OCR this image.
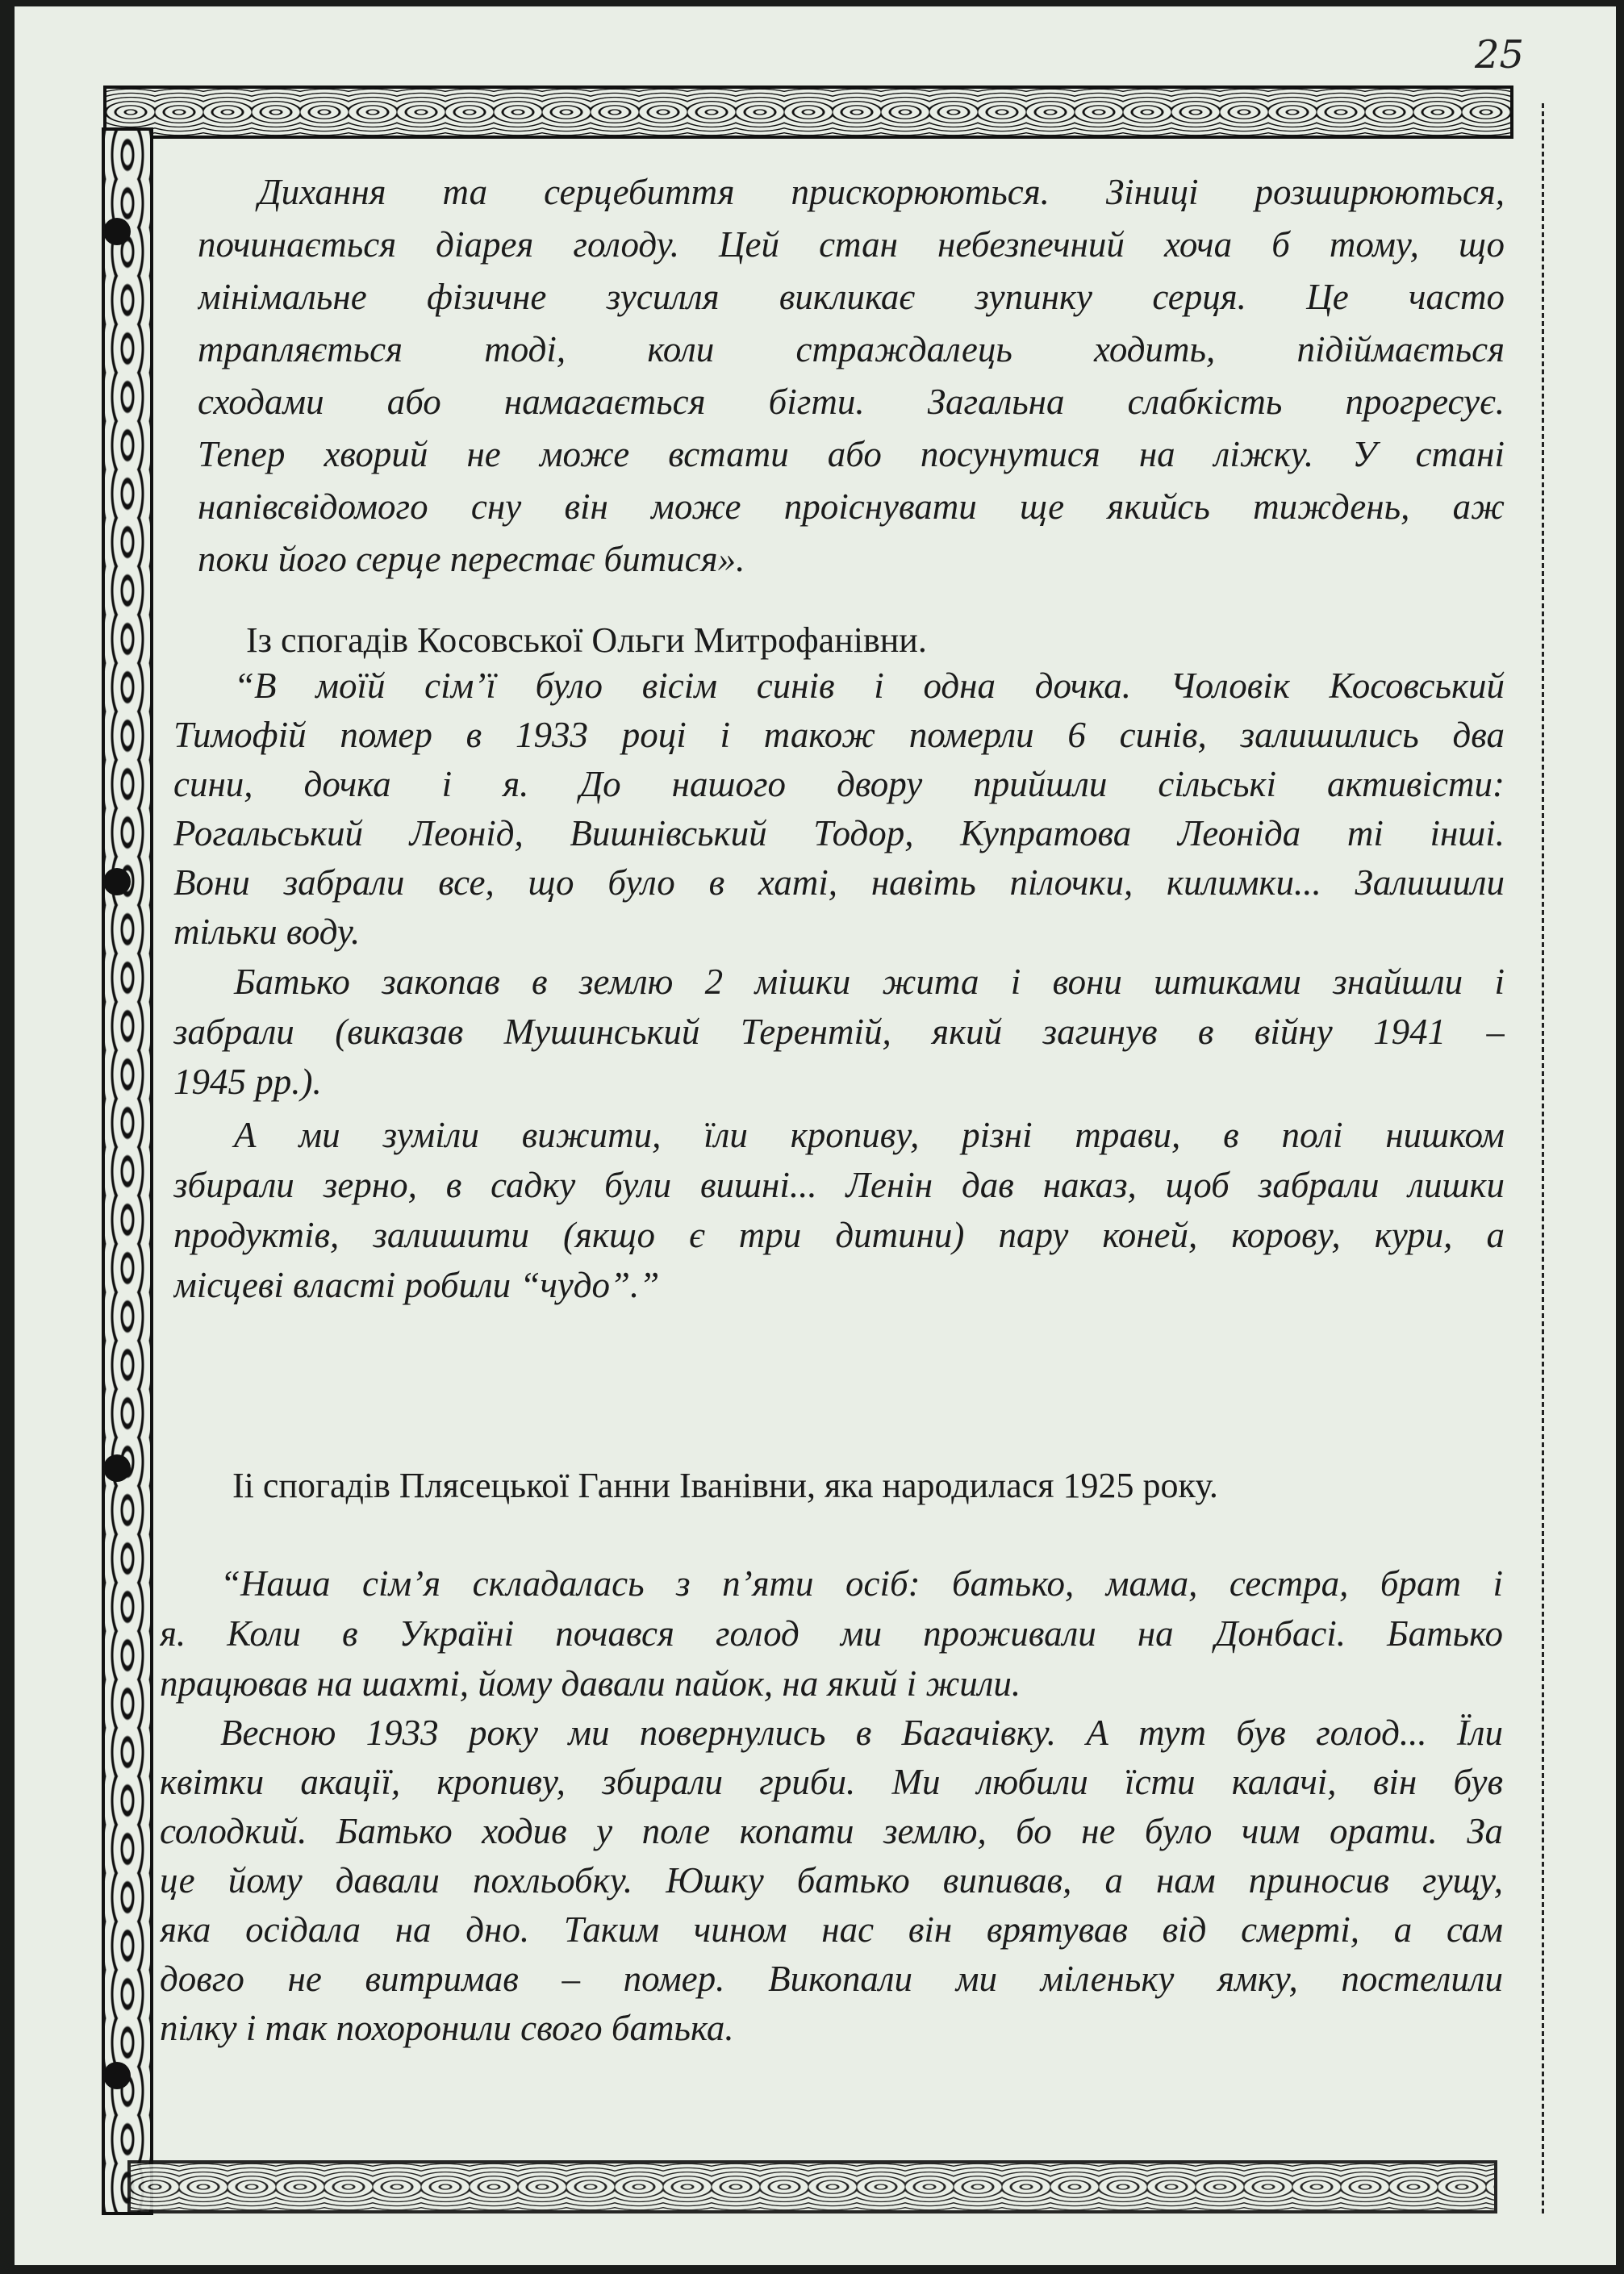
25
Дихання та серцебиття прискорюються. Зіниці розширюються,
починається діарея голоду. Цей стан небезпечний хоча б тому, що
мінімальне фізичне зусилля викликає зупинку серця. Це часто
трапляється тоді, коли страждалець ходить, підіймається
сходами або намагається бігти. Загальна слабкість прогресує.
Тепер хворий не може встати або посунутися на ліжку. У стані
напівсвідомого сну він може проіснувати ще якийсь тиждень, аж
поки його серце перестає битися».
Із спогадів Косовської Ольги Митрофанівни.
“В моїй сім’ї було вісім синів і одна дочка. Чоловік Косовський
Тимофій помер в 1933 році і також померли 6 синів, залишились два
сини, дочка і я. До нашого двору прийшли сільські активісти:
Рогальський Леонід, Вишнівський Тодор, Купратова Леоніда ті інші.
Вони забрали все, що було в хаті, навіть пілочки, килимки... Залишили
тільки воду.
Батько закопав в землю 2 мішки жита і вони штиками знайшли і
забрали (виказав Мушинський Терентій, який загинув в війну 1941 –
1945 рр.).
А ми зуміли вижити, їли кропиву, різні трави, в полі нишком
збирали зерно, в садку були вишні... Ленін дав наказ, щоб забрали лишки
продуктів, залишити (якщо є три дитини) пару коней, корову, кури, а
місцеві власті робили “чудо”.”
Іі спогадів Плясецької Ганни Іванівни, яка народилася 1925 року.
“Наша сім’я складалась з п’яти осіб: батько, мама, сестра, брат і
я. Коли в Україні почався голод ми проживали на Донбасі. Батько
працював на шахті, йому давали пайок, на який і жили.
Весною 1933 року ми повернулись в Багачівку. А тут був голод... Їли
квітки акації, кропиву, збирали гриби. Ми любили їсти калачі, він був
солодкий. Батько ходив у поле копати землю, бо не було чим орати. За
це йому давали похльобку. Юшку батько випивав, а нам приносив гущу,
яка осідала на дно. Таким чином нас він врятував від смерті, а сам
довго не витримав – помер. Викопали ми міленьку ямку, постелили
пілку і так похоронили свого батька.
